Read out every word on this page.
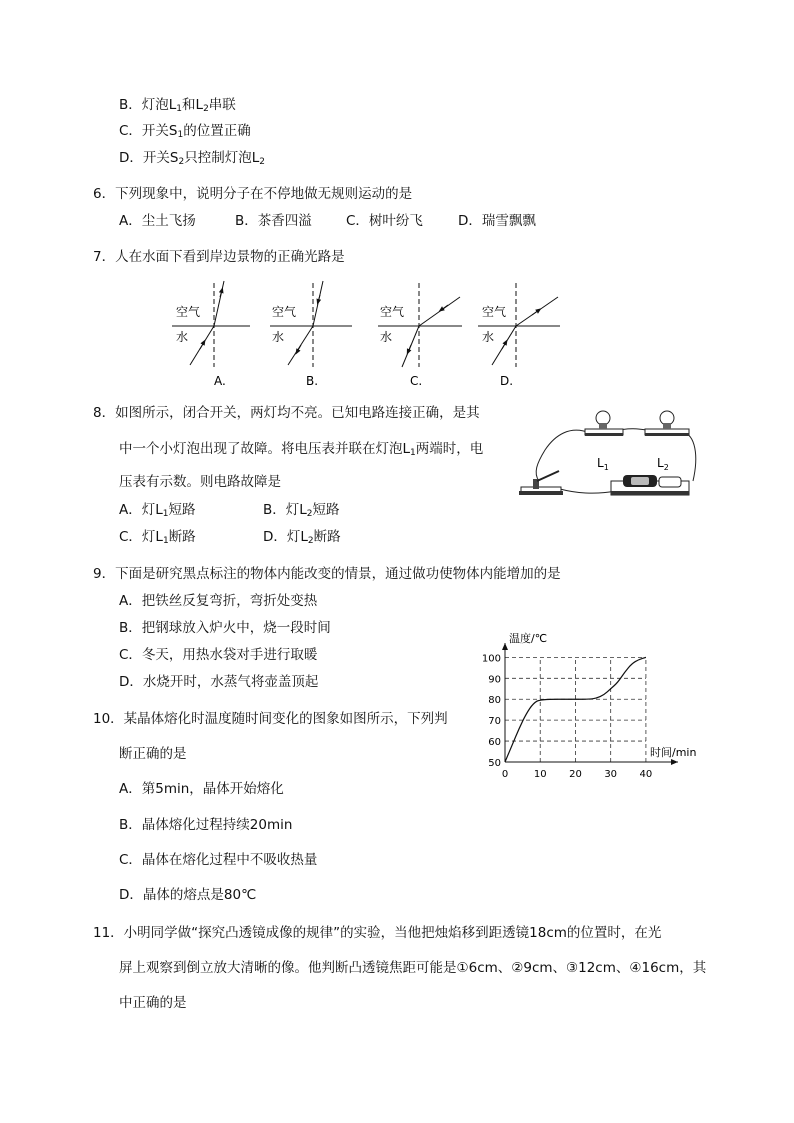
B．灯泡$L_1$和$L_2$串联
C．开关$S_1$的位置正确
D．开关$S_2$只控制灯泡$L_2$
6．下列现象中，说明分子在不停地做无规则运动的是
A．尘土飞扬	B．茶香四溢	C．树叶纷飞	D．瑞雪飘飘
7．人在水面下看到岸边景物的正确光路是
空气
水
A.
空气
水
B.
空气
水
C.
空气
水
D.
8．如图所示，闭合开关，两灯均不亮。已知电路连接正确，是其
中一个小灯泡出现了故障。将电压表并联在灯泡$L_1$两端时，电
压表有示数。则电路故障是
A．灯$L_1$短路	B．灯$L_2$短路
C．灯$L_1$断路	D．灯$L_2$断路
$L_1$	$L_2$
9．下面是研究黑点标注的物体内能改变的情景，通过做功使物体内能增加的是
A．把铁丝反复弯折，弯折处变热
B．把钢球放入炉火中，烧一段时间
C．冬天，用热水袋对手进行取暖
D．水烧开时，水蒸气将壶盖顶起
10．某晶体熔化时温度随时间变化的图象如图所示，下列判
断正确的是
A．第5min，晶体开始熔化
B．晶体熔化过程持续20min
C．晶体在熔化过程中不吸收热量
D．晶体的熔点是80℃
0	10 20 30 40
50
60
70
80
90
100
温度/℃
时间/min
11．小明同学做“探究凸透镜成像的规律”的实验，当他把烛焰移到距透镜18cm的位置时，在光
屏上观察到倒立放大清晰的像。他判断凸透镜焦距可能是①6cm、②9cm、③12cm、④16cm，其
中正确的是
